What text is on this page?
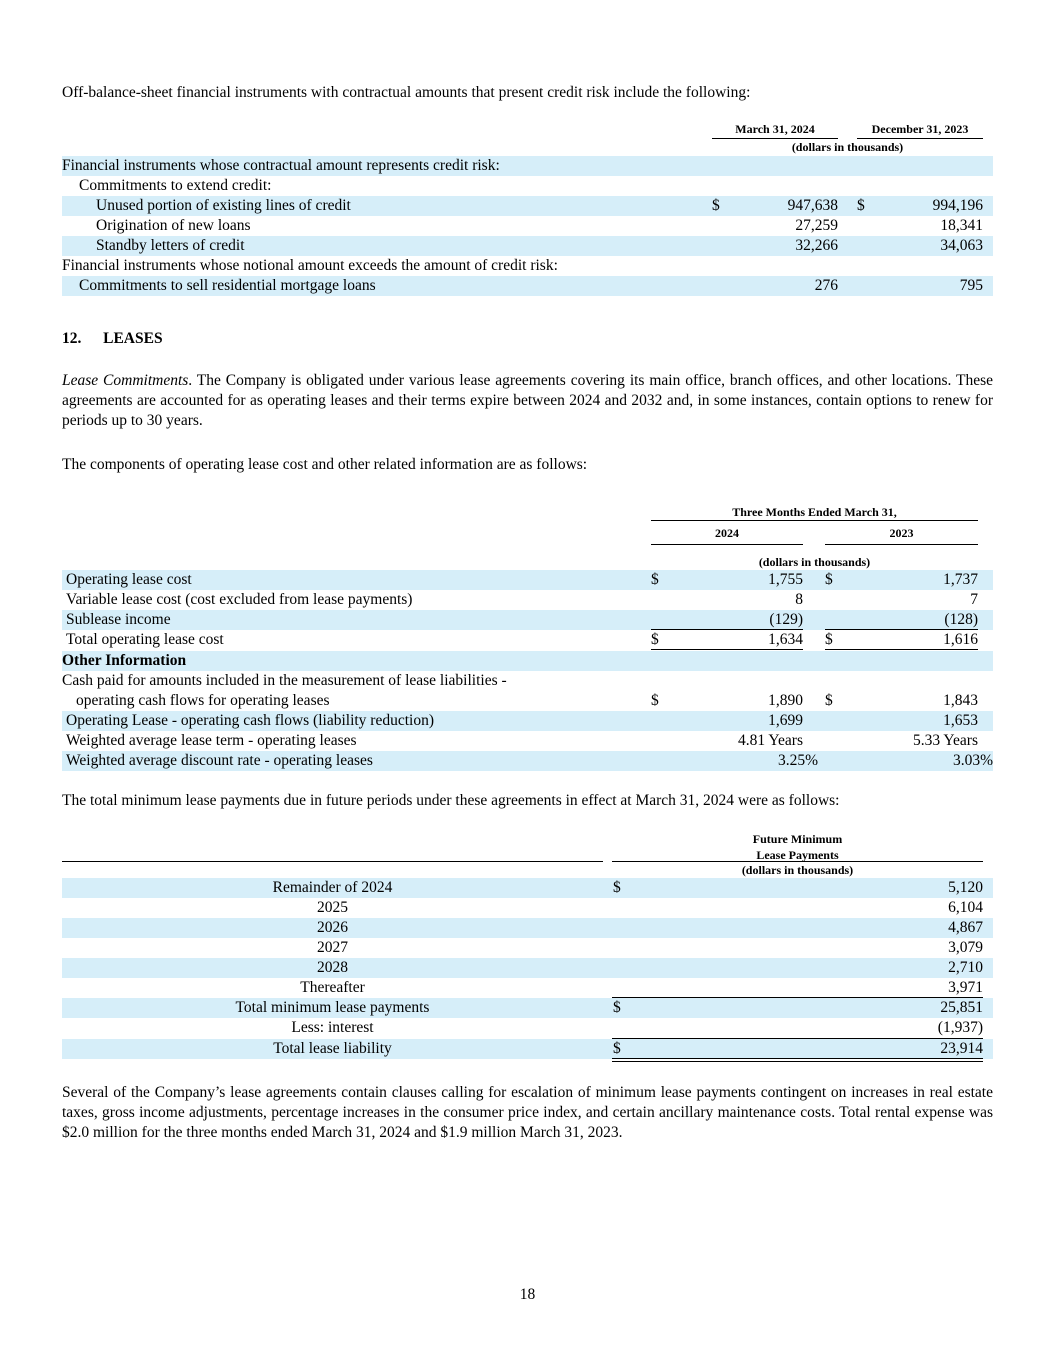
Off-balance-sheet financial instruments with contractual amounts that present credit risk include the following:
March 31, 2024	December 31, 2023
(dollars in thousands)
Financial instruments whose contractual amount represents credit risk:
Commitments to extend credit:
Unused portion of existing lines of credit	$	947,638 $	994,196
Origination of new loans	27,259	18,341
Standby letters of credit	32,266	34,063
Financial instruments whose notional amount exceeds the amount of credit risk:
Commitments to sell residential mortgage loans	276	795
12. LEASES
Lease Commitments. The Company is obligated under various lease agreements covering its main office, branch offices, and other locations. These agreements are accounted for as operating leases and their terms expire between 2024 and 2032 and, in some instances, contain options to renew for periods up to 30 years.
The components of operating lease cost and other related information are as follows:
Three Months Ended March 31,
2024	2023
(dollars in thousands)
Operating lease cost	$	1,755 $	1,737
Variable lease cost (cost excluded from lease payments)	8	7
Sublease income	(129)	(128)
Total operating lease cost	$	1,634 $	1,616
Other Information
Cash paid for amounts included in the measurement of lease liabilities -
operating cash flows for operating leases	$	1,890 $	1,843
Operating Lease - operating cash flows (liability reduction)	1,699	1,653
Weighted average lease term - operating leases	4.81 Years	5.33 Years
Weighted average discount rate - operating leases	3.25%	3.03%
The total minimum lease payments due in future periods under these agreements in effect at March 31, 2024 were as follows:
Future Minimum
Lease Payments
(dollars in thousands)
Remainder of 2024	$	5,120
2025	6,104
2026	4,867
2027	3,079
2028	2,710
Thereafter	3,971
Total minimum lease payments	$	25,851
Less: interest	(1,937)
Total lease liability	$	23,914
Several of the Company’s lease agreements contain clauses calling for escalation of minimum lease payments contingent on increases in real estate taxes, gross income adjustments, percentage increases in the consumer price index, and certain ancillary maintenance costs. Total rental expense was $2.0 million for the three months ended March 31, 2024 and $1.9 million March 31, 2023.
18
